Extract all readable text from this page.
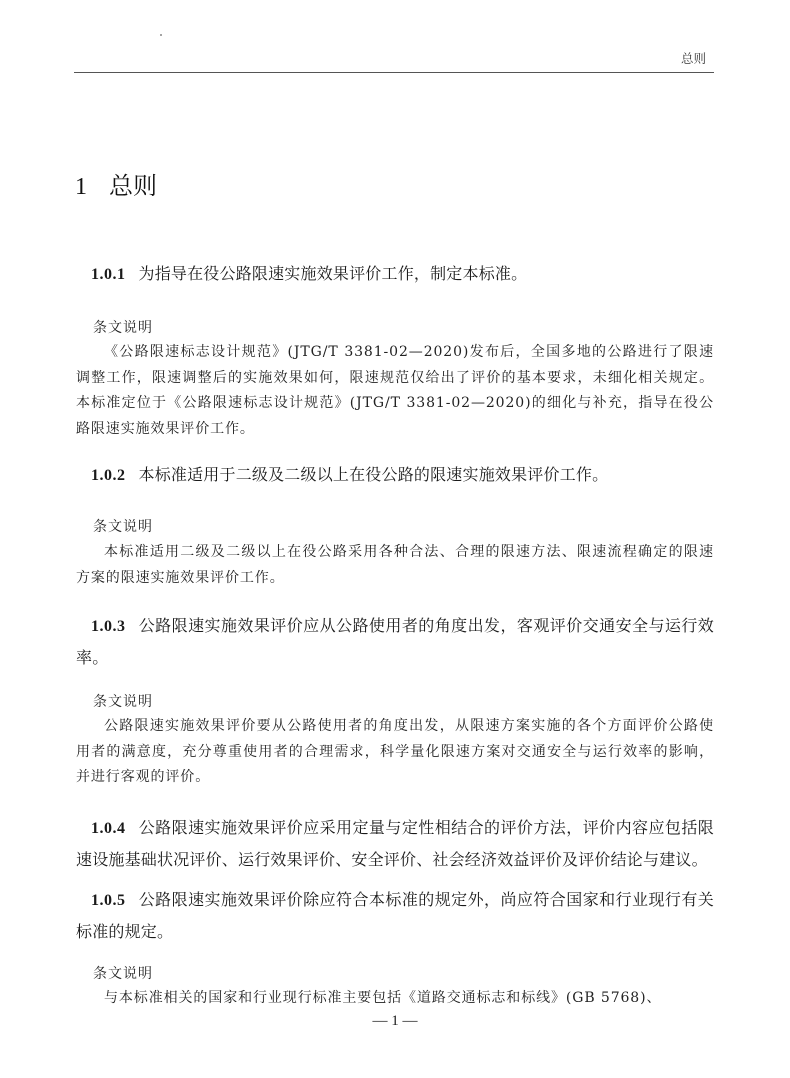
总则
1 总则

1.0.1 为指导在役公路限速实施效果评价工作，制定本标准。

条文说明

《公路限速标志设计规范》(JTG/T 3381-02—2020)发布后，全国多地的公路进行了限速调整工作，限速调整后的实施效果如何，限速规范仅给出了评价的基本要求，未细化相关规定。本标准定位于《公路限速标志设计规范》(JTG/T 3381-02—2020)的细化与补充，指导在役公路限速实施效果评价工作。

1.0.2 本标准适用于二级及二级以上在役公路的限速实施效果评价工作。

条文说明

本标准适用二级及二级以上在役公路采用各种合法、合理的限速方法、限速流程确定的限速方案的限速实施效果评价工作。

1.0.3 公路限速实施效果评价应从公路使用者的角度出发，客观评价交通安全与运行效率。

条文说明

公路限速实施效果评价要从公路使用者的角度出发，从限速方案实施的各个方面评价公路使用者的满意度，充分尊重使用者的合理需求，科学量化限速方案对交通安全与运行效率的影响，并进行客观的评价。

1.0.4 公路限速实施效果评价应采用定量与定性相结合的评价方法，评价内容应包括限速设施基础状况评价、运行效果评价、安全评价、社会经济效益评价及评价结论与建议。

1.0.5 公路限速实施效果评价除应符合本标准的规定外，尚应符合国家和行业现行有关标准的规定。

条文说明

与本标准相关的国家和行业现行标准主要包括《道路交通标志和标线》(GB 5768)、

— 1 —
